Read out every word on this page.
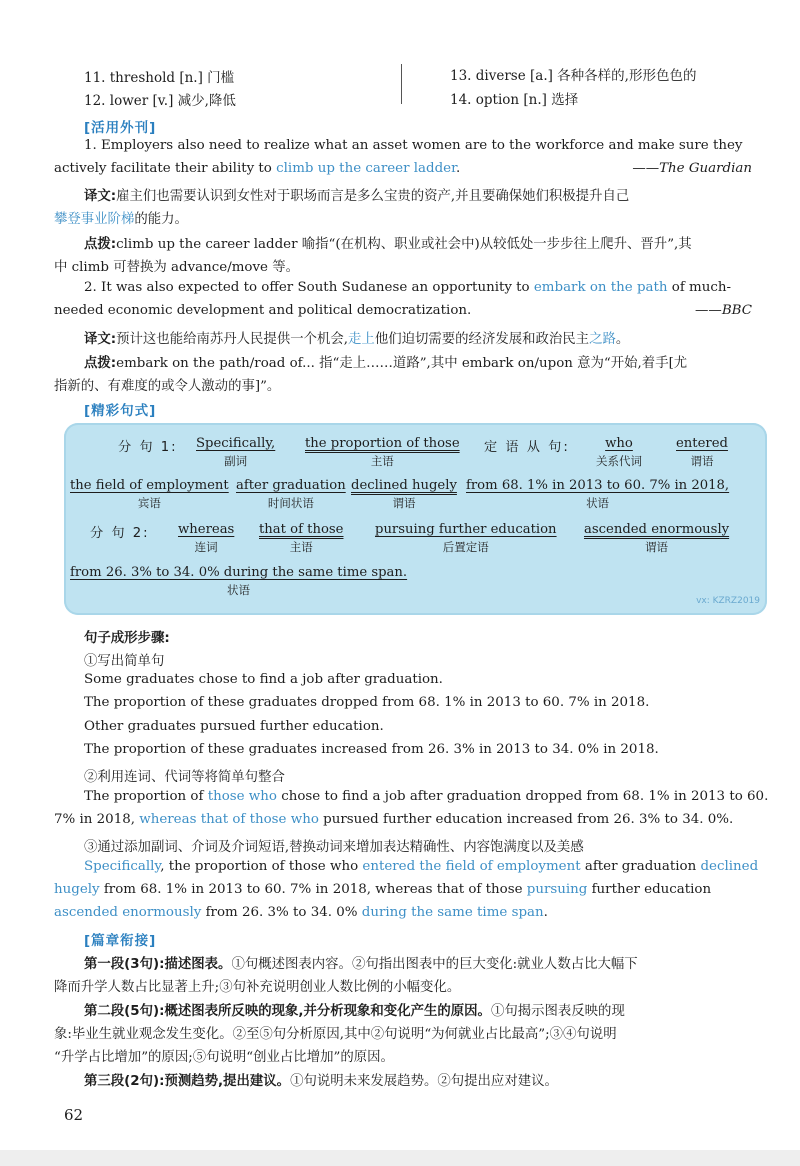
11. threshold [n.] 门槛
12. lower [v.] 减少,降低
13. diverse [a.] 各种各样的,形形色色的
14. option [n.] 选择
[活用外刊]
1. Employers also need to realize what an asset women are to the workforce and make sure they
actively facilitate their ability to climb up the career ladder.	——The Guardian
译文:雇主们也需要认识到女性对于职场而言是多么宝贵的资产,并且要确保她们积极提升自己
攀登事业阶梯的能力。
点拨:climb up the career ladder 喻指“(在机构、职业或社会中)从较低处一步步往上爬升、晋升”,其
中 climb 可替换为 advance/move 等。
2. It was also expected to offer South Sudanese an opportunity to embark on the path of much-
needed economic development and political democratization.	——BBC
译文:预计这也能给南苏丹人民提供一个机会,走上他们迫切需要的经济发展和政治民主之路。
点拨:embark on the path/road of... 指“走上……道路”,其中 embark on/upon 意为“开始,着手[尤
指新的、有难度的或令人激动的事]”。
[精彩句式]
分 句 1: Specifically,
副词
the proportion of those
主语
定 语 从 句:	who
关系代词
entered
谓语
the field of employment
宾语
after graduation
时间状语
declined hugely
谓语
from 68. 1% in 2013 to 60. 7% in 2018,
状语
分 句 2: whereas
连词
that of those
主语
pursuing further education
后置定语
ascended enormously
谓语
from 26. 3% to 34. 0% during the same time span.
状语
vx: KZRZ2019
句子成形步骤:
①写出简单句
Some graduates chose to find a job after graduation.
The proportion of these graduates dropped from 68. 1% in 2013 to 60. 7% in 2018.
Other graduates pursued further education.
The proportion of these graduates increased from 26. 3% in 2013 to 34. 0% in 2018.
②利用连词、代词等将简单句整合
The proportion of those who chose to find a job after graduation dropped from 68. 1% in 2013 to 60.
7% in 2018, whereas that of those who pursued further education increased from 26. 3% to 34. 0%.
③通过添加副词、介词及介词短语,替换动词来增加表达精确性、内容饱满度以及美感
Specifically, the proportion of those who entered the field of employment after graduation declined
hugely from 68. 1% in 2013 to 60. 7% in 2018, whereas that of those pursuing further education
ascended enormously from 26. 3% to 34. 0% during the same time span.
[篇章衔接]
第一段(3句):描述图表。①句概述图表内容。②句指出图表中的巨大变化:就业人数占比大幅下
降而升学人数占比显著上升;③句补充说明创业人数比例的小幅变化。
第二段(5句):概述图表所反映的现象,并分析现象和变化产生的原因。①句揭示图表反映的现
象:毕业生就业观念发生变化。②至⑤句分析原因,其中②句说明“为何就业占比最高”;③④句说明
“升学占比增加”的原因;⑤句说明“创业占比增加”的原因。
第三段(2句):预测趋势,提出建议。①句说明未来发展趋势。②句提出应对建议。
62
